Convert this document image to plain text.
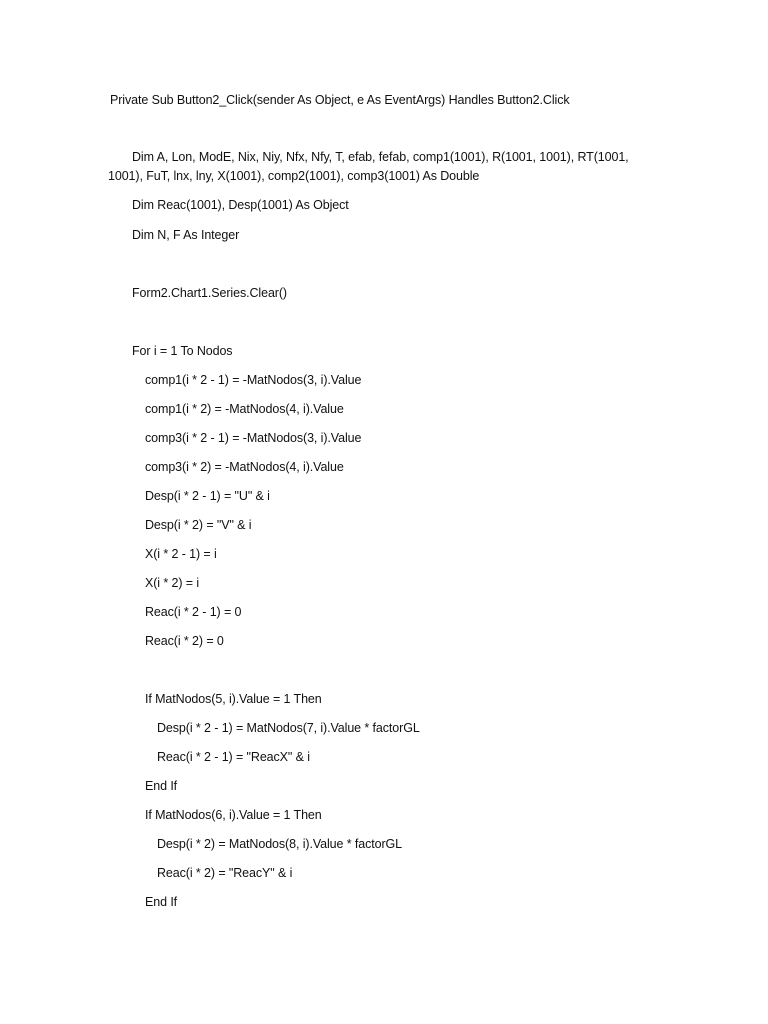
Private Sub Button2_Click(sender As Object, e As EventArgs) Handles Button2.Click
Dim A, Lon, ModE, Nix, Niy, Nfx, Nfy, T, efab, fefab, comp1(1001), R(1001, 1001), RT(1001,
1001), FuT, lnx, lny, X(1001), comp2(1001), comp3(1001) As Double
Dim Reac(1001), Desp(1001) As Object
Dim N, F As Integer
Form2.Chart1.Series.Clear()
For i = 1 To Nodos
comp1(i * 2 - 1) = -MatNodos(3, i).Value
comp1(i * 2) = -MatNodos(4, i).Value
comp3(i * 2 - 1) = -MatNodos(3, i).Value
comp3(i * 2) = -MatNodos(4, i).Value
Desp(i * 2 - 1) = "U" & i
Desp(i * 2) = "V" & i
X(i * 2 - 1) = i
X(i * 2) = i
Reac(i * 2 - 1) = 0
Reac(i * 2) = 0
If MatNodos(5, i).Value = 1 Then
Desp(i * 2 - 1) = MatNodos(7, i).Value * factorGL
Reac(i * 2 - 1) = "ReacX" & i
End If
If MatNodos(6, i).Value = 1 Then
Desp(i * 2) = MatNodos(8, i).Value * factorGL
Reac(i * 2) = "ReacY" & i
End If
